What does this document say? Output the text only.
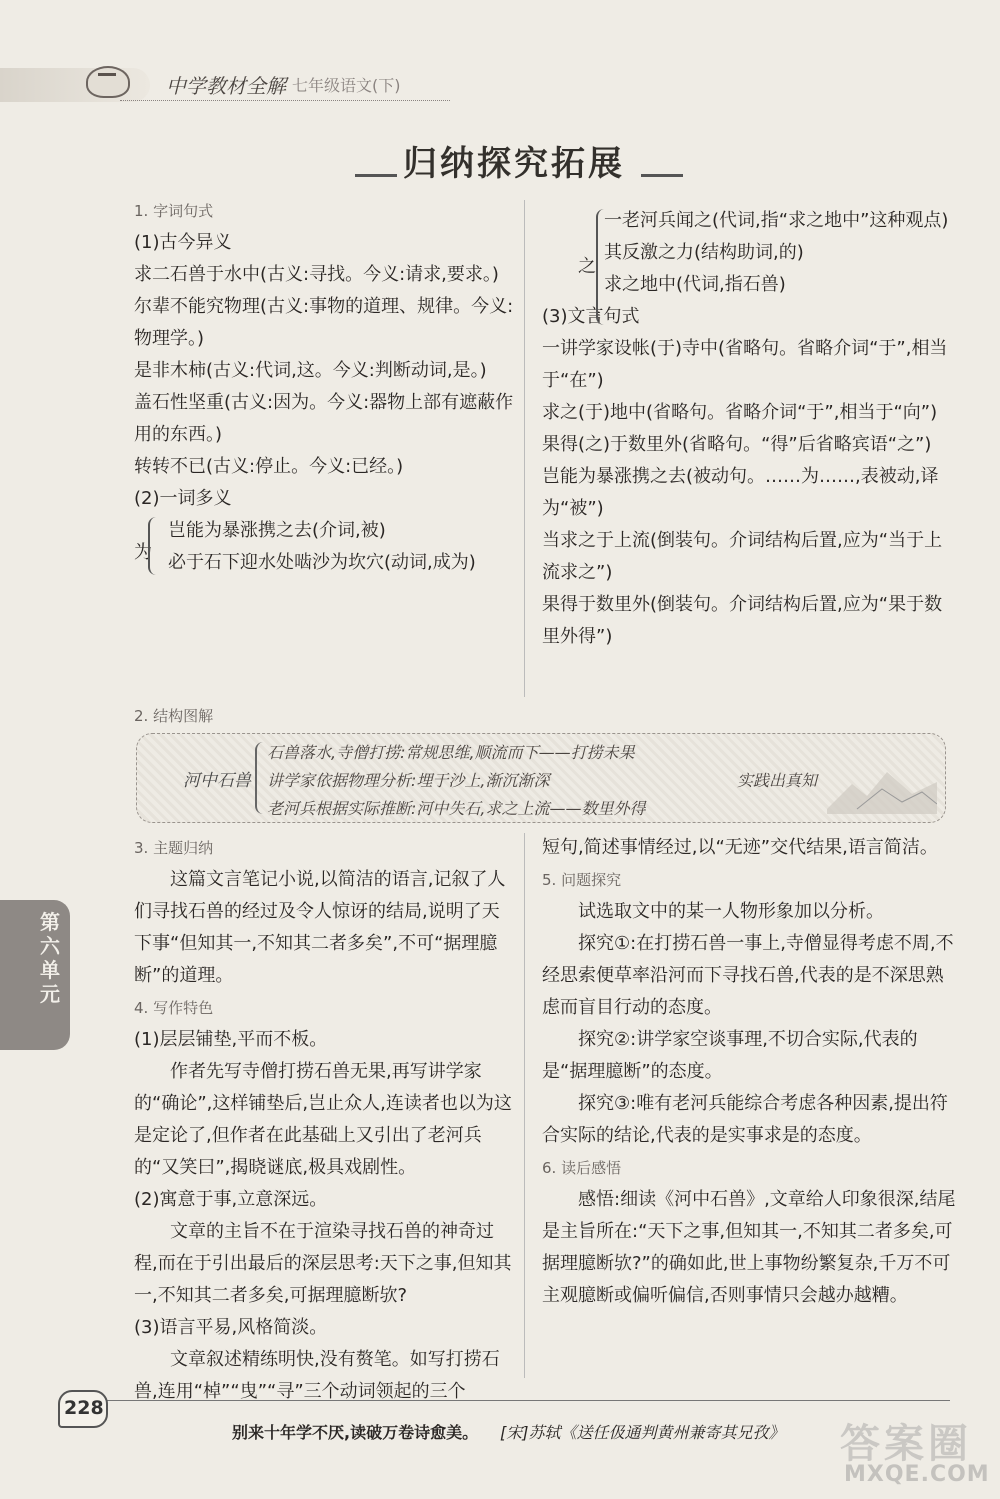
中学教材全解 七年级语文(下)
归纳探究拓展

1. 字词句式

(1)古今异义

求二石兽于水中(古义:寻找。今义:请求,要求。)

尔辈不能究物理(古义:事物的道理、规律。今义:物理学。)

是非木柿(古义:代词,这。今义:判断动词,是。)

盖石性坚重(古义:因为。今义:器物上部有遮蔽作用的东西。)

转转不已(古义:停止。今义:已经。)

(2)一词多义

为

岂能为暴涨携之去(介词,被)

必于石下迎水处啮沙为坎穴(动词,成为)

之

一老河兵闻之(代词,指“求之地中”这种观点)

其反激之力(结构助词,的)

求之地中(代词,指石兽)

(3)文言句式

一讲学家设帐(于)寺中(省略句。省略介词“于”,相当于“在”)

求之(于)地中(省略句。省略介词“于”,相当于“向”)

果得(之)于数里外(省略句。“得”后省略宾语“之”)

岂能为暴涨携之去(被动句。……为……,表被动,译为“被”)

当求之于上流(倒装句。介词结构后置,应为“当于上流求之”)

果得于数里外(倒装句。介词结构后置,应为“果于数里外得”)

2. 结构图解

河中石兽
石兽落水,寺僧打捞:常规思维,顺流而下——打捞未果
讲学家依据物理分析:埋于沙上,渐沉渐深
老河兵根据实际推断:河中失石,求之上流——数里外得
实践出真知

3. 主题归纳

这篇文言笔记小说,以简洁的语言,记叙了人们寻找石兽的经过及令人惊讶的结局,说明了天下事“但知其一,不知其二者多矣”,不可“据理臆断”的道理。

4. 写作特色

(1)层层铺垫,平而不板。

作者先写寺僧打捞石兽无果,再写讲学家的“确论”,这样铺垫后,岂止众人,连读者也以为这是定论了,但作者在此基础上又引出了老河兵的“又笑曰”,揭晓谜底,极具戏剧性。

(2)寓意于事,立意深远。

文章的主旨不在于渲染寻找石兽的神奇过程,而在于引出最后的深层思考:天下之事,但知其一,不知其二者多矣,可据理臆断欤?

(3)语言平易,风格简淡。

文章叙述精练明快,没有赘笔。如写打捞石兽,连用“棹”“曳”“寻”三个动词领起的三个

短句,简述事情经过,以“无迹”交代结果,语言简洁。

5. 问题探究

试选取文中的某一人物形象加以分析。

探究①:在打捞石兽一事上,寺僧显得考虑不周,不经思索便草率沿河而下寻找石兽,代表的是不深思熟虑而盲目行动的态度。

探究②:讲学家空谈事理,不切合实际,代表的是“据理臆断”的态度。

探究③:唯有老河兵能综合考虑各种因素,提出符合实际的结论,代表的是实事求是的态度。

6. 读后感悟

感悟:细读《河中石兽》,文章给人印象很深,结尾是主旨所在:“天下之事,但知其一,不知其二者多矣,可据理臆断欤?”的确如此,世上事物纷繁复杂,千万不可主观臆断或偏听偏信,否则事情只会越办越糟。

第六单元
228
别来十年学不厌,读破万卷诗愈美。 [宋]苏轼《送任伋通判黄州兼寄其兄孜》 答案圈
MXQE.COM
